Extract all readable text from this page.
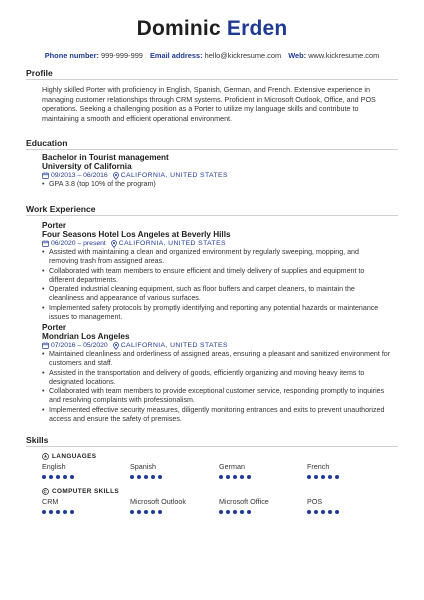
Dominic Erden
Phone number: 999-999-999 Email address: hello@kickresume.com Web: www.kickresume.com
Profile
Highly skilled Porter with proficiency in English, Spanish, German, and French. Extensive experience in
managing customer relationships through CRM systems. Proficient in Microsoft Outlook, Office, and POS
operations. Seeking a challenging position as a Porter to utilize my language skills and contribute to
maintaining a smooth and efficient operational environment.
Education
Bachelor in Tourist management
University of California
09/2013 – 06/2016 CALIFORNIA, UNITED STATES
• GPA 3.8 (top 10% of the program)
Work Experience
Porter
Four Seasons Hotel Los Angeles at Beverly Hills
06/2020 – present CALIFORNIA, UNITED STATES
• Assisted with maintaining a clean and organized environment by regularly sweeping, mopping, and
removing trash from assigned areas.
• Collaborated with team members to ensure efficient and timely delivery of supplies and equipment to
different departments.
• Operated industrial cleaning equipment, such as floor buffers and carpet cleaners, to maintain the
cleanliness and appearance of various surfaces.
• Implemented safety protocols by promptly identifying and reporting any potential hazards or maintenance
issues to management.
Porter
Mondrian Los Angeles
07/2016 – 05/2020 CALIFORNIA, UNITED STATES
• Maintained cleanliness and orderliness of assigned areas, ensuring a pleasant and sanitized environment for
customers and staff.
• Assisted in the transportation and delivery of goods, efficiently organizing and moving heavy items to
designated locations.
• Collaborated with team members to provide exceptional customer service, responding promptly to inquiries
and resolving complaints with professionalism.
• Implemented effective security measures, diligently monitoring entrances and exits to prevent unauthorized
access and ensure the safety of premises.
Skills
LANGUAGES
COMPUTER SKILLS
English	Spanish	German	French
CRM	Microsoft Outlook	Microsoft Office	POS
